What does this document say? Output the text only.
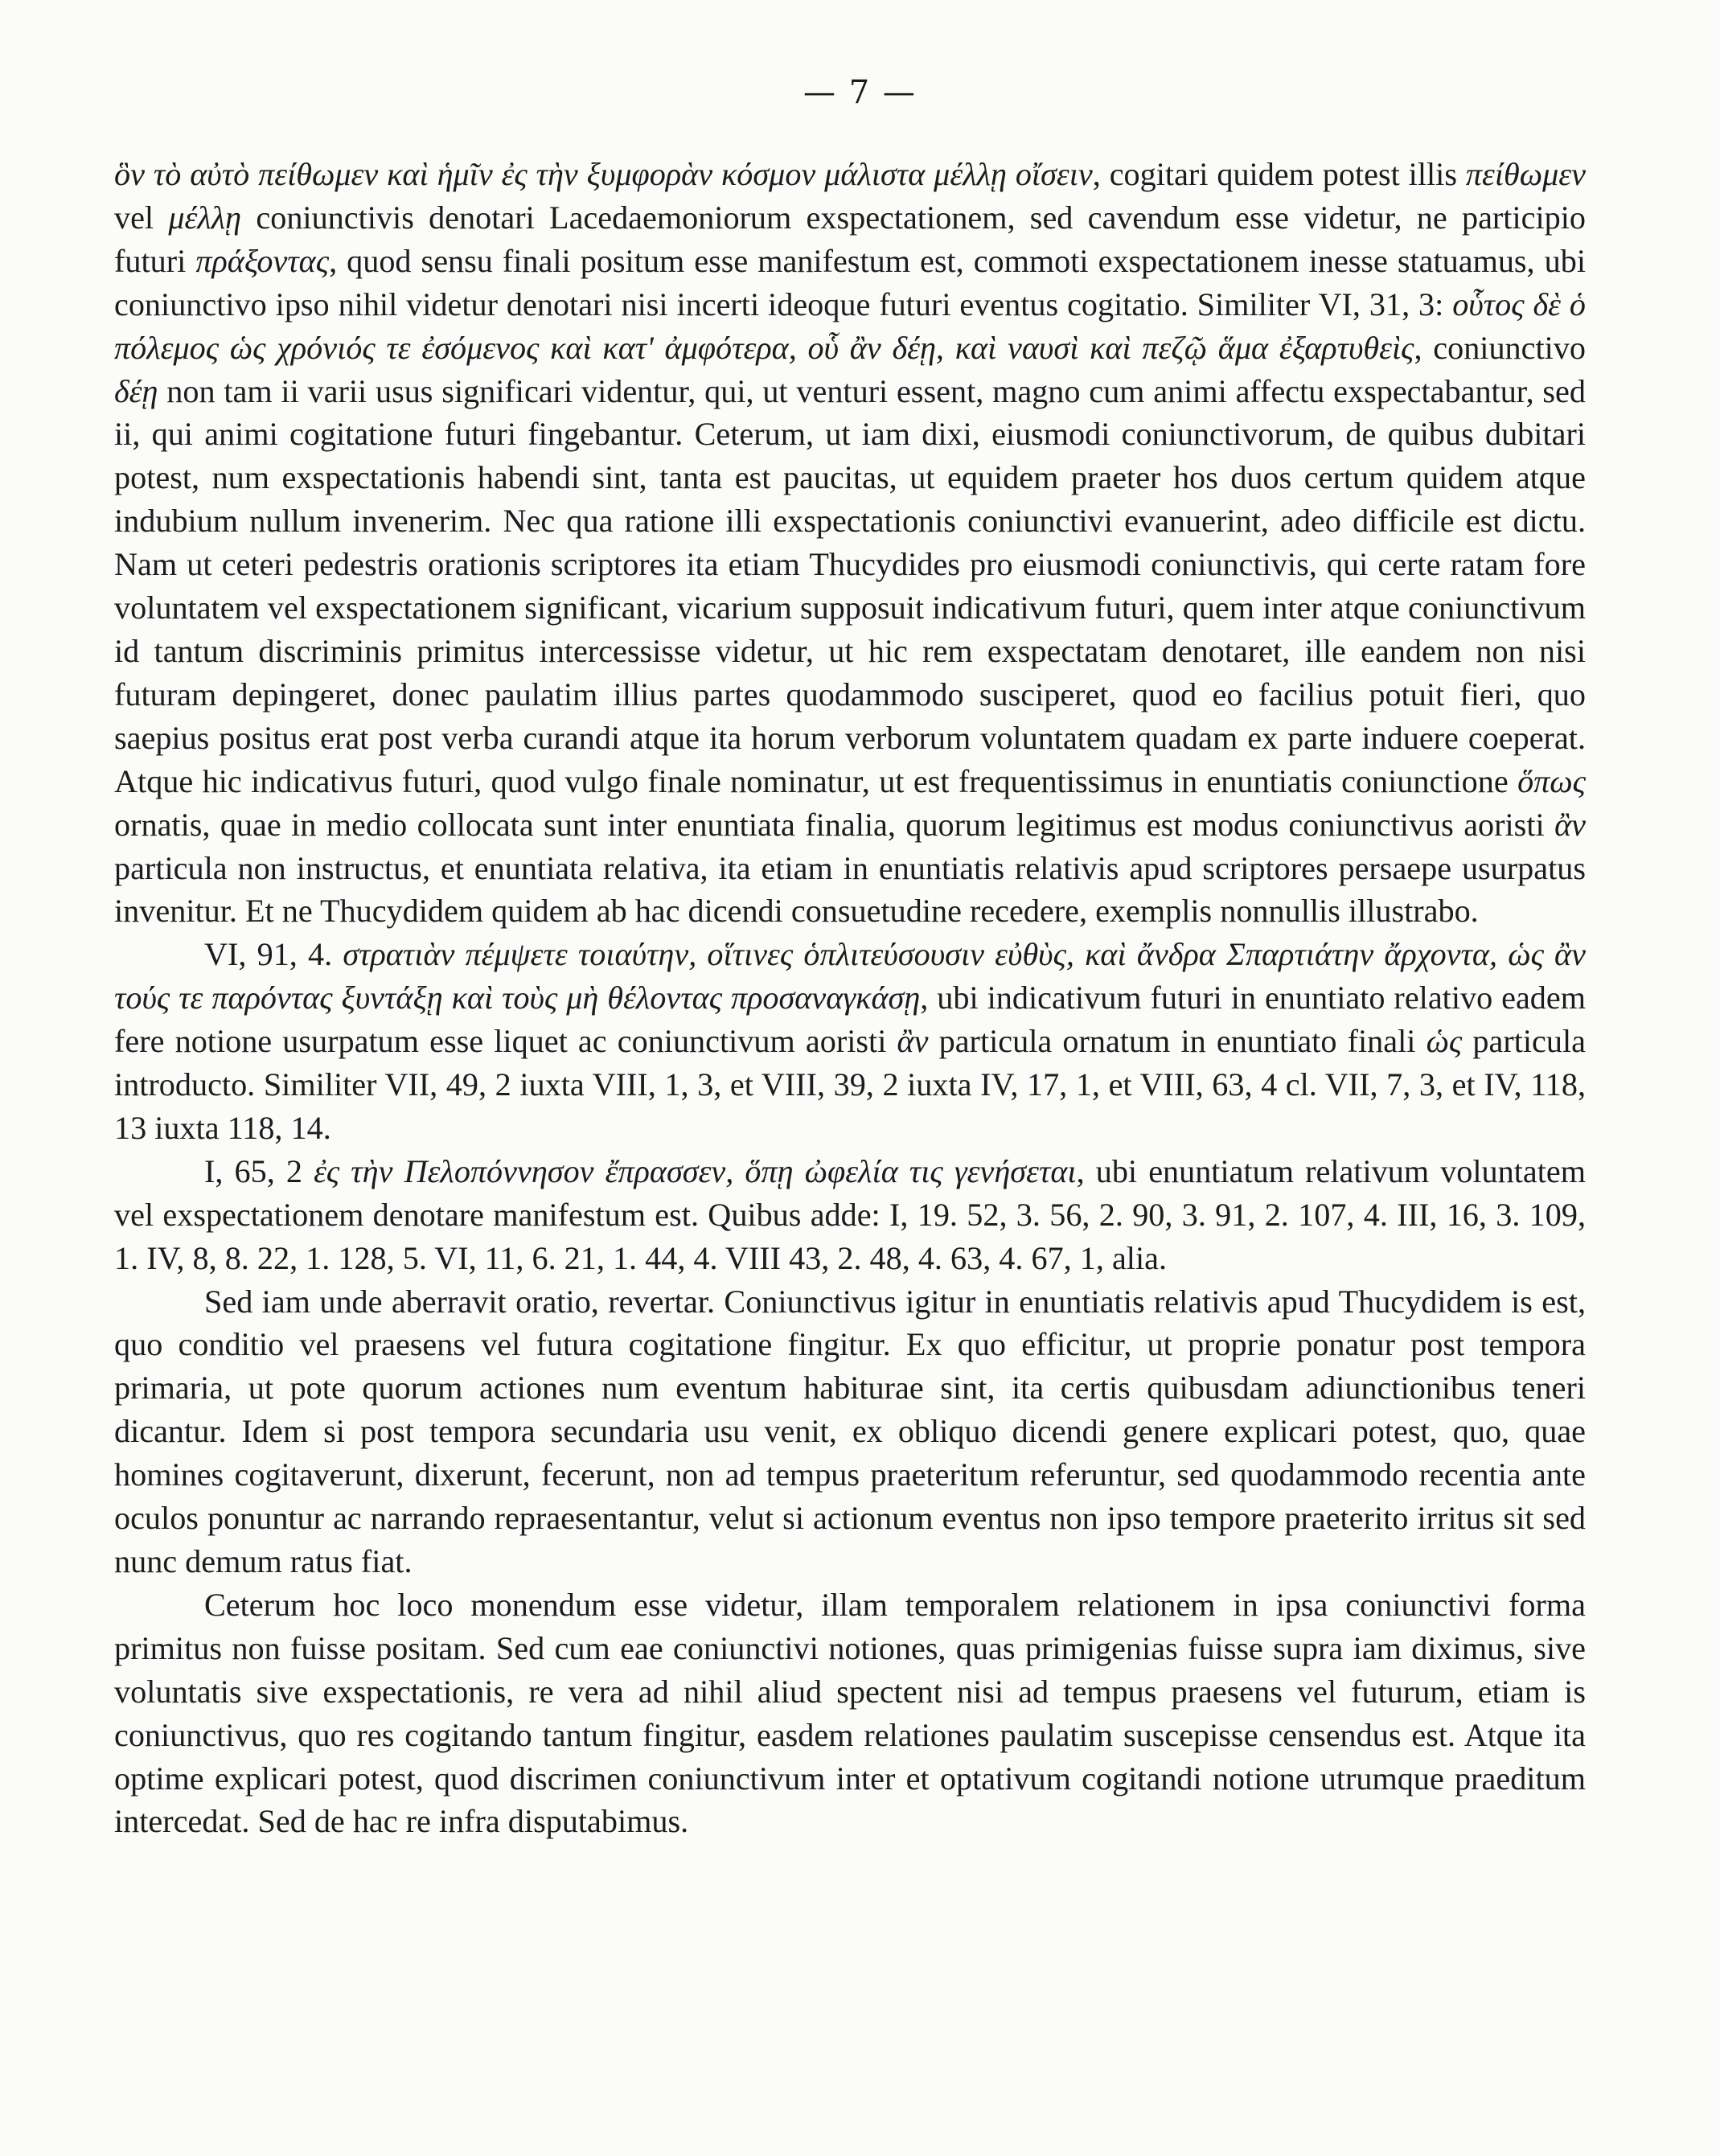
— 7 —

ὃν τὸ αὐτὸ πείθωμεν καὶ ἡμῖν ἐς τὴν ξυμφορὰν κόσμον μάλιστα μέλλῃ οἴσειν, cogitari quidem potest illis πείθωμεν vel μέλλῃ coniunctivis denotari Lacedaemoniorum exspectationem, sed cavendum esse videtur, ne participio futuri πράξοντας, quod sensu finali positum esse manifestum est, commoti exspectationem inesse statuamus, ubi coniunctivo ipso nihil videtur denotari nisi incerti ideoque futuri eventus cogitatio. Similiter VI, 31, 3: οὗτος δὲ ὁ πόλεμος ὡς χρόνιός τε ἐσόμενος καὶ κατ' ἀμφότερα, οὗ ἂν δέῃ, καὶ ναυσὶ καὶ πεζῷ ἅμα ἐξαρτυθεὶς, coniunctivo δέῃ non tam ii varii usus significari videntur, qui, ut venturi essent, magno cum animi affectu exspectabantur, sed ii, qui animi cogitatione futuri fingebantur. Ceterum, ut iam dixi, eiusmodi coniunctivorum, de quibus dubitari potest, num exspectationis habendi sint, tanta est paucitas, ut equidem praeter hos duos certum quidem atque indubium nullum invenerim. Nec qua ratione illi exspectationis coniunctivi evanuerint, adeo difficile est dictu. Nam ut ceteri pedestris orationis scriptores ita etiam Thucydides pro eiusmodi coniunctivis, qui certe ratam fore voluntatem vel exspectationem significant, vicarium supposuit indicativum futuri, quem inter atque coniunctivum id tantum discriminis primitus intercessisse videtur, ut hic rem exspectatam denotaret, ille eandem non nisi futuram depingeret, donec paulatim illius partes quodammodo susciperet, quod eo facilius potuit fieri, quo saepius positus erat post verba curandi atque ita horum verborum voluntatem quadam ex parte induere coeperat. Atque hic indicativus futuri, quod vulgo finale nominatur, ut est frequentissimus in enuntiatis coniunctione ὅπως ornatis, quae in medio collocata sunt inter enuntiata finalia, quorum legitimus est modus coniunctivus aoristi ἂν particula non instructus, et enuntiata relativa, ita etiam in enuntiatis relativis apud scriptores persaepe usurpatus invenitur. Et ne Thucydidem quidem ab hac dicendi consuetudine recedere, exemplis nonnullis illustrabo.

VI, 91, 4. στρατιὰν πέμψετε τοιαύτην, οἵτινες ὁπλιτεύσουσιν εὐθὺς, καὶ ἄνδρα Σπαρτιάτην ἄρχοντα, ὡς ἂν τούς τε παρόντας ξυντάξῃ καὶ τοὺς μὴ θέλοντας προσαναγκάσῃ, ubi indicativum futuri in enuntiato relativo eadem fere notione usurpatum esse liquet ac coniunctivum aoristi ἂν particula ornatum in enuntiato finali ὡς particula introducto. Similiter VII, 49, 2 iuxta VIII, 1, 3, et VIII, 39, 2 iuxta IV, 17, 1, et VIII, 63, 4 cl. VII, 7, 3, et IV, 118, 13 iuxta 118, 14.

I, 65, 2 ἐς τὴν Πελοπόννησον ἔπρασσεν, ὅπῃ ὠφελία τις γενήσεται, ubi enuntiatum relativum voluntatem vel exspectationem denotare manifestum est. Quibus adde: I, 19. 52, 3. 56, 2. 90, 3. 91, 2. 107, 4. III, 16, 3. 109, 1. IV, 8, 8. 22, 1. 128, 5. VI, 11, 6. 21, 1. 44, 4. VIII 43, 2. 48, 4. 63, 4. 67, 1, alia.

Sed iam unde aberravit oratio, revertar. Coniunctivus igitur in enuntiatis relativis apud Thucydidem is est, quo conditio vel praesens vel futura cogitatione fingitur. Ex quo efficitur, ut proprie ponatur post tempora primaria, ut pote quorum actiones num eventum habiturae sint, ita certis quibusdam adiunctionibus teneri dicantur. Idem si post tempora secundaria usu venit, ex obliquo dicendi genere explicari potest, quo, quae homines cogitaverunt, dixerunt, fecerunt, non ad tempus praeteritum referuntur, sed quodammodo recentia ante oculos ponuntur ac narrando repraesentantur, velut si actionum eventus non ipso tempore praeterito irritus sit sed nunc demum ratus fiat.

Ceterum hoc loco monendum esse videtur, illam temporalem relationem in ipsa coniunctivi forma primitus non fuisse positam. Sed cum eae coniunctivi notiones, quas primigenias fuisse supra iam diximus, sive voluntatis sive exspectationis, re vera ad nihil aliud spectent nisi ad tempus praesens vel futurum, etiam is coniunctivus, quo res cogitando tantum fingitur, easdem relationes paulatim suscepisse censendus est. Atque ita optime explicari potest, quod discrimen coniunctivum inter et optativum cogitandi notione utrumque praeditum intercedat. Sed de hac re infra disputabimus.
